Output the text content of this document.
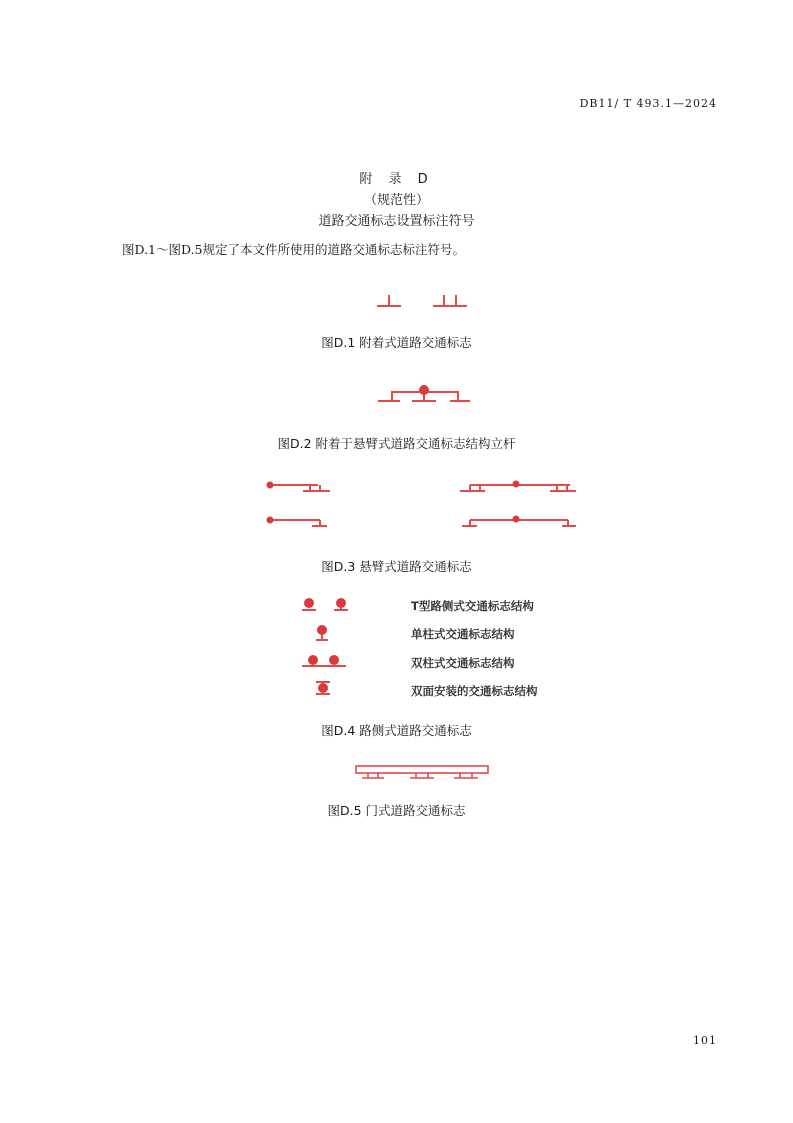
DB11/ T 493.1—2024
附 录 D
（规范性）
道路交通标志设置标注符号
图D.1～图D.5规定了本文件所使用的道路交通标志标注符号。
图D.1 附着式道路交通标志
图D.2 附着于悬臂式道路交通标志结构立杆
图D.3 悬臂式道路交通标志
T型路侧式交通标志结构
单柱式交通标志结构
双柱式交通标志结构
双面安装的交通标志结构
图D.4 路侧式道路交通标志
图D.5 门式道路交通标志
101
